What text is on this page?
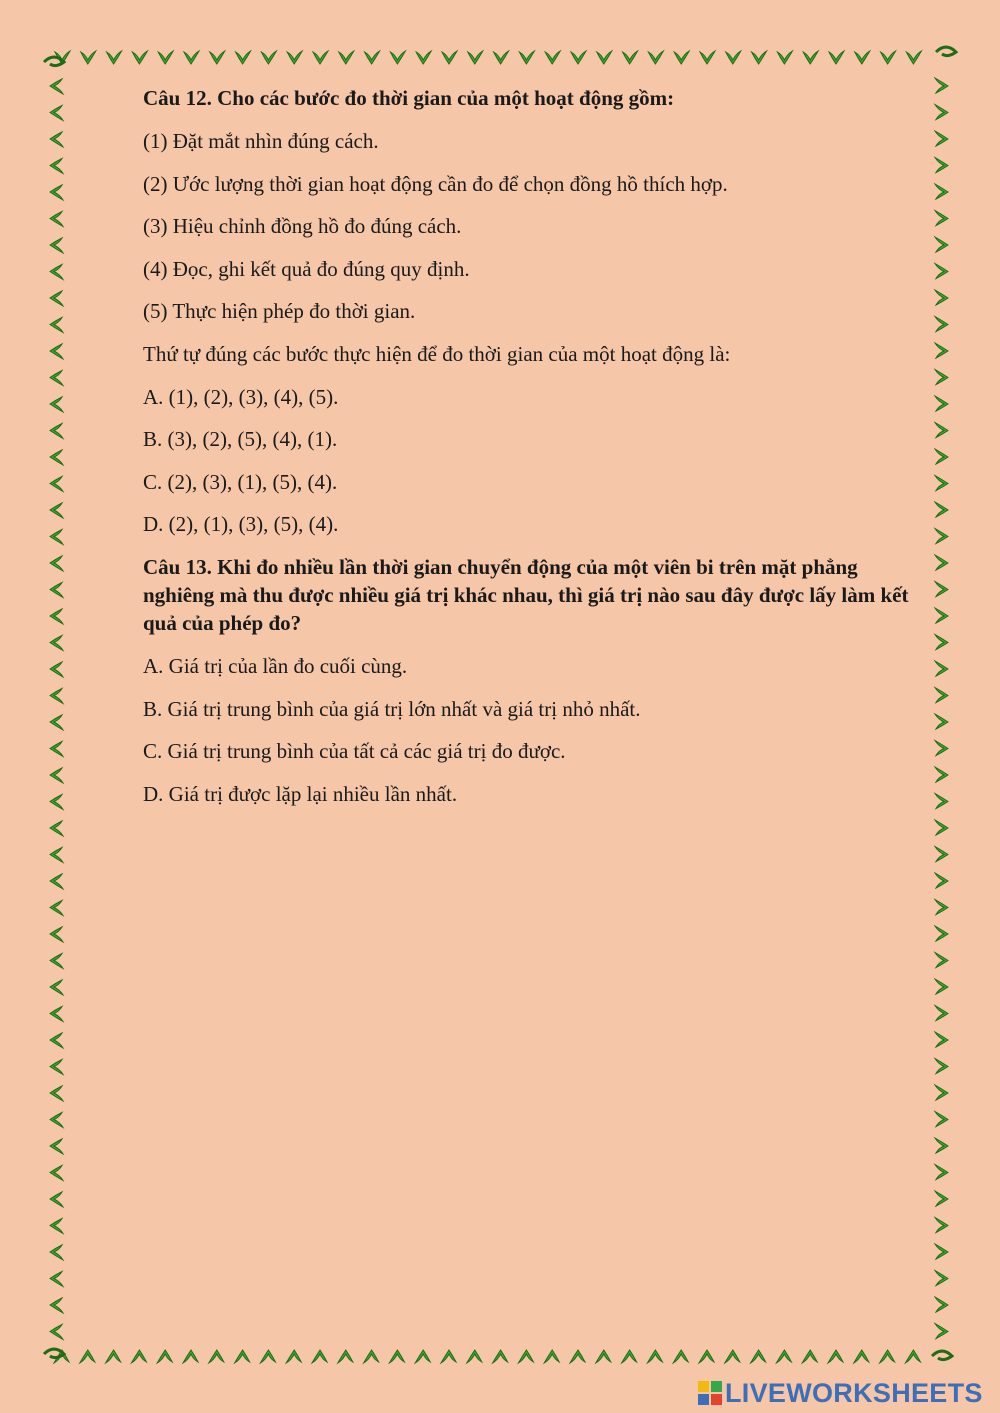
Câu 12. Cho các bước đo thời gian của một hoạt động gồm:

(1) Đặt mắt nhìn đúng cách.

(2) Ước lượng thời gian hoạt động cần đo để chọn đồng hồ thích hợp.

(3) Hiệu chỉnh đồng hồ đo đúng cách.

(4) Đọc, ghi kết quả đo đúng quy định.

(5) Thực hiện phép đo thời gian.

Thứ tự đúng các bước thực hiện để đo thời gian của một hoạt động là:

A. (1), (2), (3), (4), (5).

B. (3), (2), (5), (4), (1).

C. (2), (3), (1), (5), (4).

D. (2), (1), (3), (5), (4).

Câu 13. Khi đo nhiều lần thời gian chuyển động của một viên bi trên mặt phẳng nghiêng mà thu được nhiều giá trị khác nhau, thì giá trị nào sau đây được lấy làm kết quả của phép đo?

A. Giá trị của lần đo cuối cùng.

B. Giá trị trung bình của giá trị lớn nhất và giá trị nhỏ nhất.

C. Giá trị trung bình của tất cả các giá trị đo được.

D. Giá trị được lặp lại nhiều lần nhất.

LIVEWORKSHEETS
